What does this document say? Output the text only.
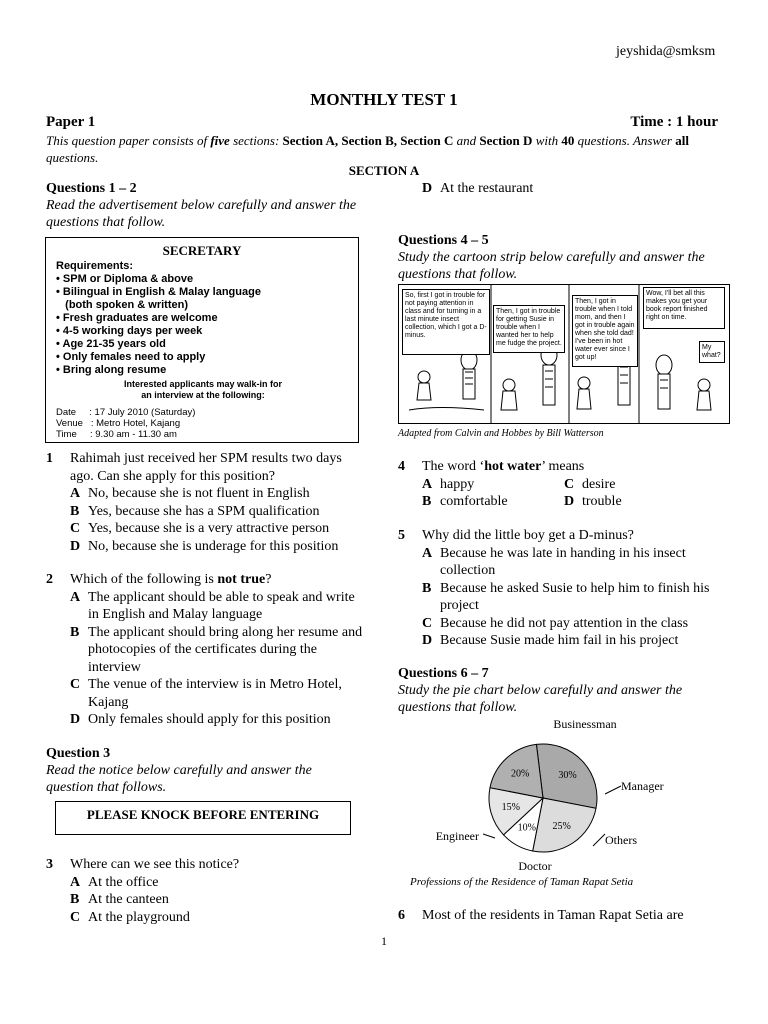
jeyshida@smksm
MONTHLY TEST 1
Paper 1	Time : 1 hour
This question paper consists of five sections: Section A, Section B, Section C and Section D with 40 questions. Answer all questions.
SECTION A
Questions 1 – 2
Read the advertisement below carefully and answer the questions that follow.
SECRETARY
Requirements:
• SPM or Diploma & above
• Bilingual in English & Malay language
(both spoken & written)
• Fresh graduates are welcome
• 4-5 working days per week
• Age 21-35 years old
• Only females need to apply
• Bring along resume
Interested applicants may walk-in for
an interview at the following:
Date     : 17 July 2010 (Saturday)
Venue   : Metro Hotel, Kajang
Time     : 9.30 am - 11.30 am
1 Rahimah just received her SPM results two days ago. Can she apply for this position?
A No, because she is not fluent in English
B Yes, because she has a SPM qualification
C Yes, because she is a very attractive person
D No, because she is underage for this position
2 Which of the following is not true?
A The applicant should be able to speak and write in English and Malay language
B The applicant should bring along her resume and photocopies of the certificates during the interview
C The venue of the interview is in Metro Hotel, Kajang
D Only females should apply for this position
Question 3
Read the notice below carefully and answer the question that follows.
PLEASE KNOCK BEFORE ENTERING
3 Where can we see this notice?
A At the office
B At the canteen
C At the playground
D At the restaurant
Questions 4 – 5
Study the cartoon strip below carefully and answer the questions that follow.
So, first I got in trouble for not paying attention in class and for turning in a last minute insect collection, which I got a D-minus.
Then, I got in trouble for getting Susie in trouble when I wanted her to help me fudge the project.
Then, I got in trouble when I told mom, and then I got in trouble again when she told dad! I've been in hot water ever since I got up!
Wow, I'll bet all this makes you get your book report finished right on time.
My what?
Adapted from Calvin and Hobbes by Bill Watterson
4 The word ‘hot water’ means
A happy	C desire
B comfortable	D trouble
5 Why did the little boy get a D-minus?
A Because he was late in handing in his insect collection
B Because he asked Susie to help him to finish his project
C Because he did not pay attention in the class
D Because Susie made him fail in his project
Questions 6 – 7
Study the pie chart below carefully and answer the questions that follow.
30%
25%
10%
15%
20%
Businessman
Manager
Others
Doctor
Engineer
Professions of the Residence of Taman Rapat Setia
6 Most of the residents in Taman Rapat Setia are
1
